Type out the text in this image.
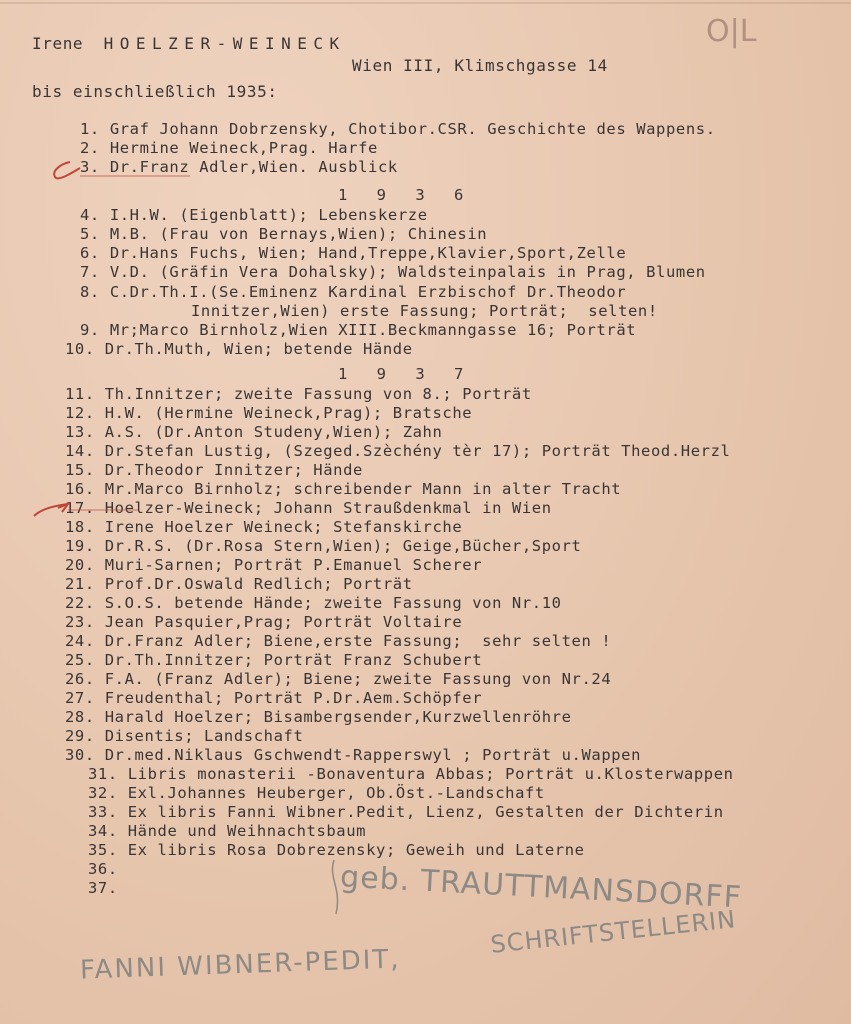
Irene HOELZER-WEINECK
Wien III, Klimschgasse 14
bis einschließlich 1935:
O|L
1. Graf Johann Dobrzensky, Chotibor.CSR. Geschichte des Wappens.
2. Hermine Weineck,Prag. Harfe
3. Dr.Franz Adler,Wien. Ausblick
4. I.H.W. (Eigenblatt); Lebenskerze
5. M.B. (Frau von Bernays,Wien); Chinesin
6. Dr.Hans Fuchs, Wien; Hand,Treppe,Klavier,Sport,Zelle
7. V.D. (Gräfin Vera Dohalsky); Waldsteinpalais in Prag, Blumen
8. C.Dr.Th.I.(Se.Eminenz Kardinal Erzbischof Dr.Theodor
Innitzer,Wien) erste Fassung; Porträt;  selten!
9. Mr;Marco Birnholz,Wien XIII.Beckmanngasse 16; Porträt
10. Dr.Th.Muth, Wien; betende Hände
11. Th.Innitzer; zweite Fassung von 8.; Porträt
12. H.W. (Hermine Weineck,Prag); Bratsche
13. A.S. (Dr.Anton Studeny,Wien); Zahn
14. Dr.Stefan Lustig, (Szeged.Szèchény tèr 17); Porträt Theod.Herzl
15. Dr.Theodor Innitzer; Hände
16. Mr.Marco Birnholz; schreibender Mann in alter Tracht
17. Hoelzer-Weineck; Johann Straußdenkmal in Wien
18. Irene Hoelzer Weineck; Stefanskirche
19. Dr.R.S. (Dr.Rosa Stern,Wien); Geige,Bücher,Sport
20. Muri-Sarnen; Porträt P.Emanuel Scherer
21. Prof.Dr.Oswald Redlich; Porträt
22. S.O.S. betende Hände; zweite Fassung von Nr.10
23. Jean Pasquier,Prag; Porträt Voltaire
24. Dr.Franz Adler; Biene,erste Fassung;  sehr selten !
25. Dr.Th.Innitzer; Porträt Franz Schubert
26. F.A. (Franz Adler); Biene; zweite Fassung von Nr.24
27. Freudenthal; Porträt P.Dr.Aem.Schöpfer
28. Harald Hoelzer; Bisambergsender,Kurzwellenröhre
29. Disentis; Landschaft
30. Dr.med.Niklaus Gschwendt-Rapperswyl ; Porträt u.Wappen
31. Libris monasterii -Bonaventura Abbas; Porträt u.Klosterwappen
32. Exl.Johannes Heuberger, Ob.Öst.-Landschaft
33. Ex libris Fanni Wibner.Pedit, Lienz, Gestalten der Dichterin
34. Hände und Weihnachtsbaum
35. Ex libris Rosa Dobrezensky; Geweih und Laterne
36.
37.
1 9 3 6
1 9 3 7
geb. TRAUTTMANSDORFF
SCHRIFTSTELLERIN
FANNI WIBNER-PEDIT,
